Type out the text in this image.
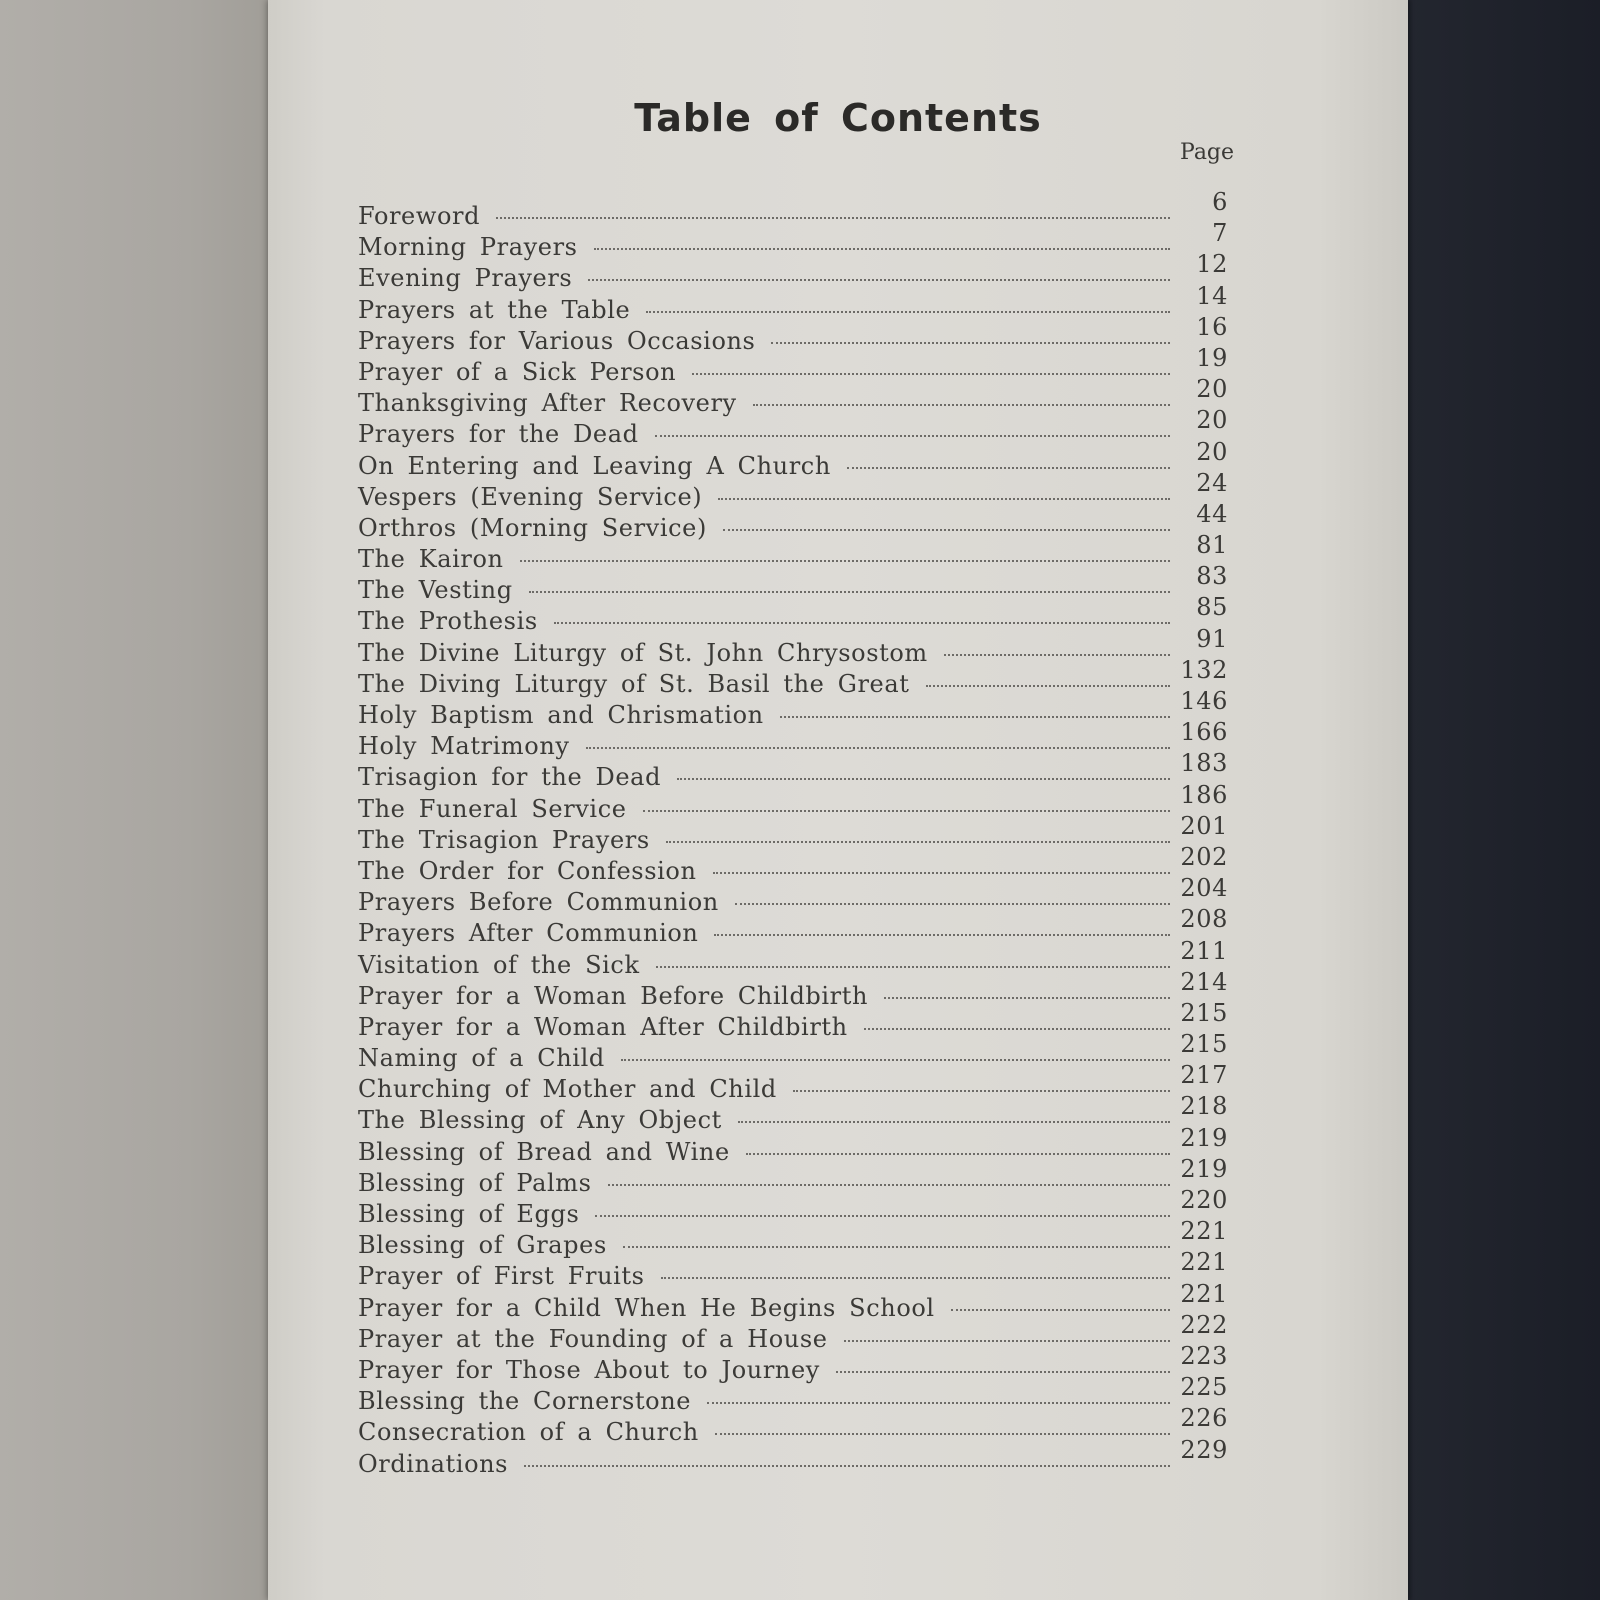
Table of Contents
Page
Foreword	6
Morning Prayers	7
Evening Prayers	12
Prayers at the Table	14
Prayers for Various Occasions	16
Prayer of a Sick Person	19
Thanksgiving After Recovery	20
Prayers for the Dead	20
On Entering and Leaving A Church	20
Vespers (Evening Service)	24
Orthros (Morning Service)	44
The Kairon	81
The Vesting	83
The Prothesis	85
The Divine Liturgy of St. John Chrysostom	91
The Diving Liturgy of St. Basil the Great	132
Holy Baptism and Chrismation	146
Holy Matrimony	166
Trisagion for the Dead	183
The Funeral Service	186
The Trisagion Prayers	201
The Order for Confession	202
Prayers Before Communion	204
Prayers After Communion	208
Visitation of the Sick	211
Prayer for a Woman Before Childbirth	214
Prayer for a Woman After Childbirth	215
Naming of a Child	215
Churching of Mother and Child	217
The Blessing of Any Object	218
Blessing of Bread and Wine	219
Blessing of Palms	219
Blessing of Eggs	220
Blessing of Grapes	221
Prayer of First Fruits	221
Prayer for a Child When He Begins School	221
Prayer at the Founding of a House	222
Prayer for Those About to Journey	223
Blessing the Cornerstone	225
Consecration of a Church	226
Ordinations	229
